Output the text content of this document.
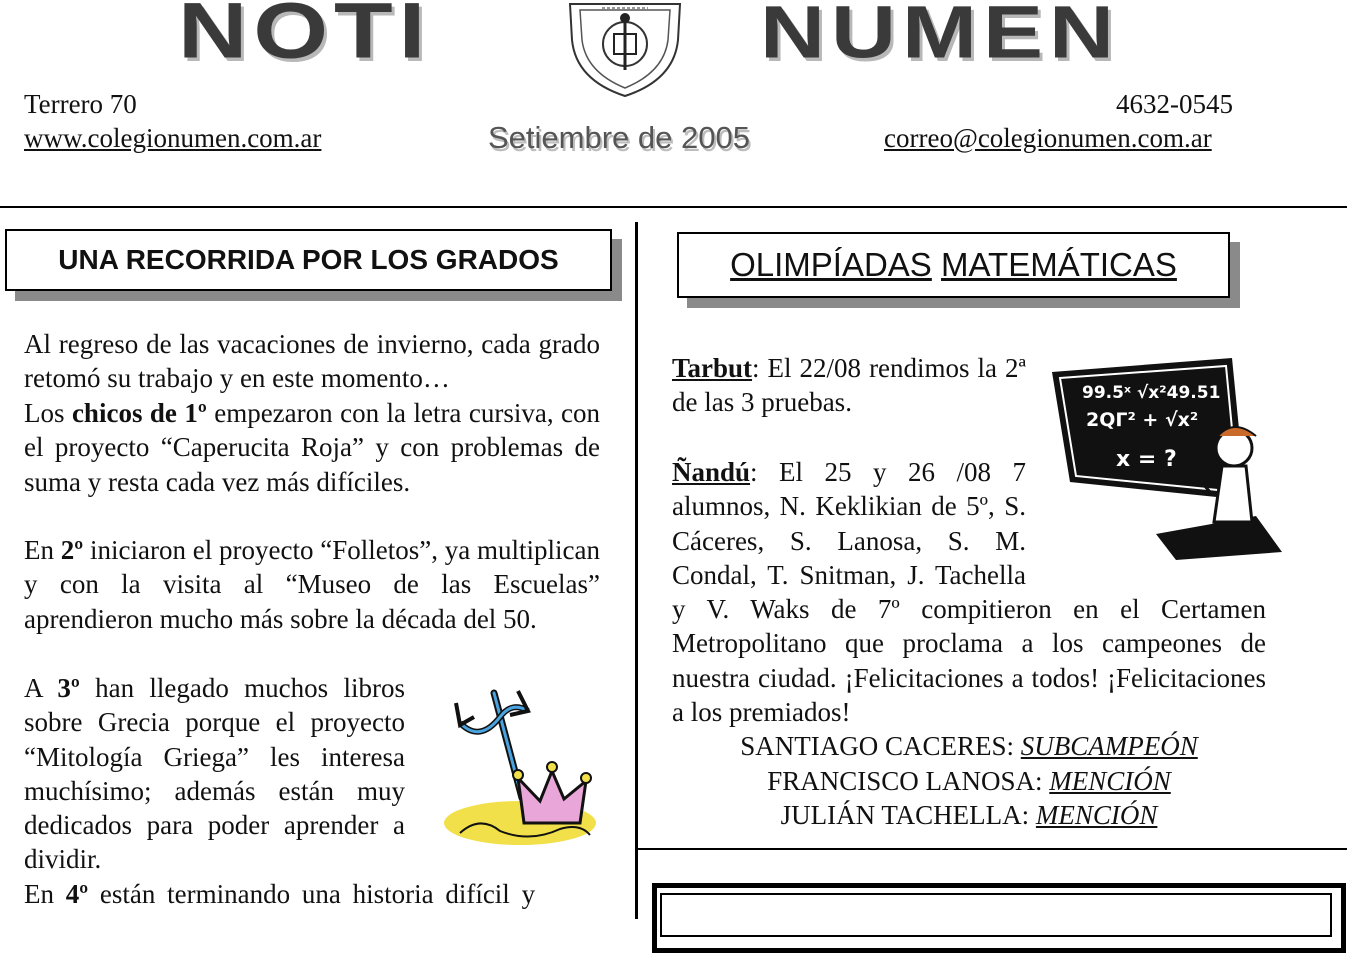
NOTI	NUMEN
Terrero 70
www.colegionumen.com.ar	Setiembre de 2005
4632-0545
correo@colegionumen.com.ar
UNA RECORRIDA POR LOS GRADOS

Al regreso de las vacaciones de invierno, cada grado retomó su trabajo y en este momento…

Los chicos de 1º empezaron con la letra cursiva, con el proyecto “Caperucita Roja” y con problemas de suma y resta cada vez más difíciles.

En 2º iniciaron el proyecto “Folletos”, ya multiplican y con la visita al “Museo de las Escuelas” aprendieron mucho más sobre la década del 50.

A 3º han llegado muchos libros sobre Grecia porque el proyecto “Mitología Griega” les interesa muchísimo; además están muy dedicados para poder aprender a dividir.

En 4º están terminando una historia difícil y

OLIMPÍADAS
MATEMÁTICAS

Tarbut: El 22/08 rendimos la 2ª de las 3 pruebas.

Ñandú: El 25 y 26 /08 7 alumnos, N. Keklikian de 5º, S. Cáceres, S. Lanosa, S. M. Condal, T. Snitman, J. Tachella y V. Waks de 7º compitieron en el Certamen Metropolitano que proclama a los campeones de nuestra ciudad. ¡Felicitaciones a todos! ¡Felicitaciones a los premiados!

99.5ˣ √x²49.51
2QΓ² + √x²
x = ?
SANTIAGO CACERES: SUBCAMPEÓN
FRANCISCO LANOSA: MENCIÓN
JULIÁN TACHELLA: MENCIÓN
